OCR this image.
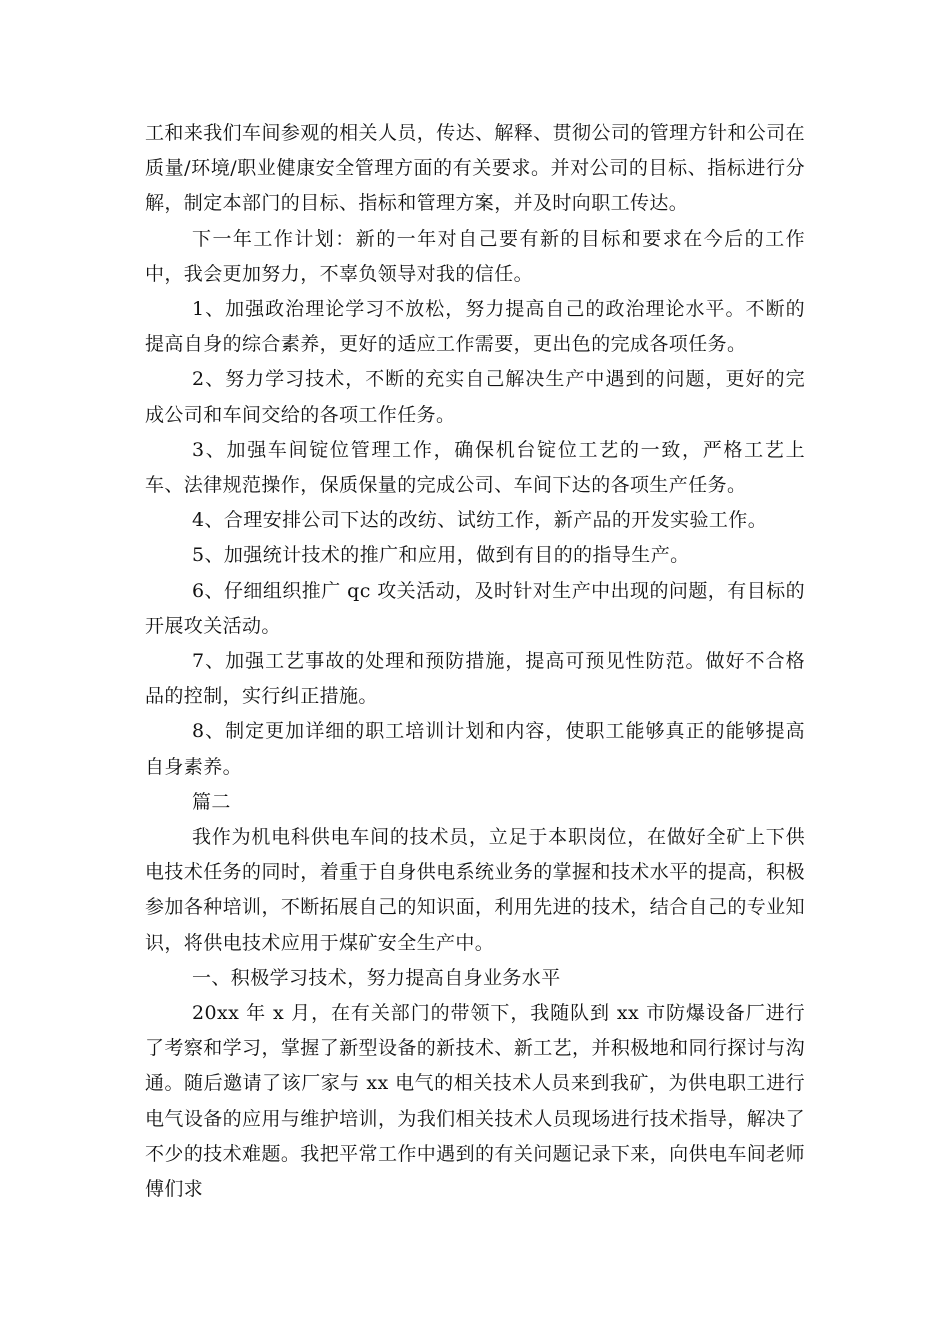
工和来我们车间参观的相关人员，传达、解释、贯彻公司的管理方针和公司在质量/环境/职业健康安全管理方面的有关要求。并对公司的目标、指标进行分解，制定本部门的目标、指标和管理方案，并及时向职工传达。

下一年工作计划：新的一年对自己要有新的目标和要求在今后的工作中，我会更加努力，不辜负领导对我的信任。

1、加强政治理论学习不放松，努力提高自己的政治理论水平。不断的提高自身的综合素养，更好的适应工作需要，更出色的完成各项任务。

2、努力学习技术，不断的充实自己解决生产中遇到的问题，更好的完成公司和车间交给的各项工作任务。

3、加强车间锭位管理工作，确保机台锭位工艺的一致，严格工艺上车、法律规范操作，保质保量的完成公司、车间下达的各项生产任务。

4、合理安排公司下达的改纺、试纺工作，新产品的开发实验工作。

5、加强统计技术的推广和应用，做到有目的的指导生产。

6、仔细组织推广 qc 攻关活动，及时针对生产中出现的问题，有目标的开展攻关活动。

7、加强工艺事故的处理和预防措施，提高可预见性防范。做好不合格品的控制，实行纠正措施。

8、制定更加详细的职工培训计划和内容，使职工能够真正的能够提高自身素养。

篇二

我作为机电科供电车间的技术员，立足于本职岗位，在做好全矿上下供电技术任务的同时，着重于自身供电系统业务的掌握和技术水平的提高，积极参加各种培训，不断拓展自己的知识面，利用先进的技术，结合自己的专业知识，将供电技术应用于煤矿安全生产中。

一、积极学习技术，努力提高自身业务水平

20xx 年 x 月，在有关部门的带领下，我随队到 xx 市防爆设备厂进行了考察和学习，掌握了新型设备的新技术、新工艺，并积极地和同行探讨与沟通。随后邀请了该厂家与 xx 电气的相关技术人员来到我矿，为供电职工进行电气设备的应用与维护培训，为我们相关技术人员现场进行技术指导，解决了不少的技术难题。我把平常工作中遇到的有关问题记录下来，向供电车间老师傅们求
